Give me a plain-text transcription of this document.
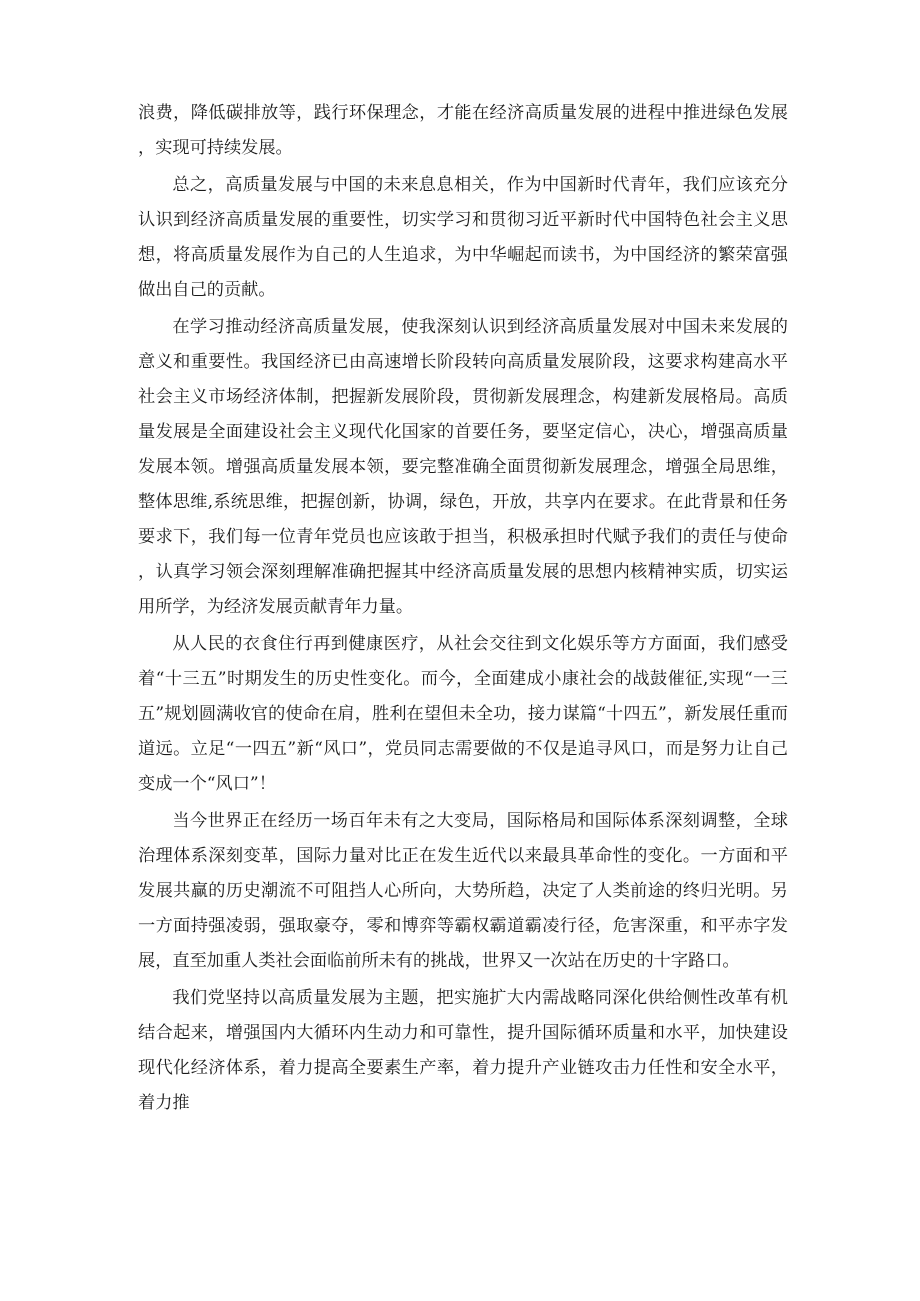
浪费，降低碳排放等，践行环保理念，才能在经济高质量发展的进程中推进绿色发展，实现可持续发展。

总之，高质量发展与中国的未来息息相关，作为中国新时代青年，我们应该充分认识到经济高质量发展的重要性，切实学习和贯彻习近平新时代中国特色社会主义思想，将高质量发展作为自己的人生追求，为中华崛起而读书，为中国经济的繁荣富强做出自己的贡献。

在学习推动经济高质量发展，使我深刻认识到经济高质量发展对中国未来发展的意义和重要性。我国经济已由高速增长阶段转向高质量发展阶段，这要求构建高水平社会主义市场经济体制，把握新发展阶段，贯彻新发展理念，构建新发展格局。高质量发展是全面建设社会主义现代化国家的首要任务，要坚定信心，决心，增强高质量发展本领。增强高质量发展本领，要完整准确全面贯彻新发展理念，增强全局思维，整体思维,系统思维，把握创新，协调，绿色，开放，共享内在要求。在此背景和任务要求下，我们每一位青年党员也应该敢于担当，积极承担时代赋予我们的责任与使命，认真学习领会深刻理解准确把握其中经济高质量发展的思想内核精神实质，切实运用所学，为经济发展贡献青年力量。

从人民的衣食住行再到健康医疗，从社会交往到文化娱乐等方方面面，我们感受着“十三五”时期发生的历史性变化。而今，全面建成小康社会的战鼓催征,实现“一三五”规划圆满收官的使命在肩，胜利在望但未全功，接力谋篇“十四五”，新发展任重而道远。立足“一四五”新“风口”，党员同志需要做的不仅是追寻风口，而是努力让自己变成一个“风口”！

当今世界正在经历一场百年未有之大变局，国际格局和国际体系深刻调整，全球治理体系深刻变革，国际力量对比正在发生近代以来最具革命性的变化。一方面和平发展共赢的历史潮流不可阻挡人心所向，大势所趋，决定了人类前途的终归光明。另一方面持强凌弱，强取豪夺，零和博弈等霸权霸道霸凌行径，危害深重，和平赤字发展，直至加重人类社会面临前所未有的挑战，世界又一次站在历史的十字路口。

我们党坚持以高质量发展为主题，把实施扩大内需战略同深化供给侧性改革有机结合起来，增强国内大循环内生动力和可靠性，提升国际循环质量和水平，加快建设现代化经济体系，着力提高全要素生产率，着力提升产业链攻击力任性和安全水平，着力推
